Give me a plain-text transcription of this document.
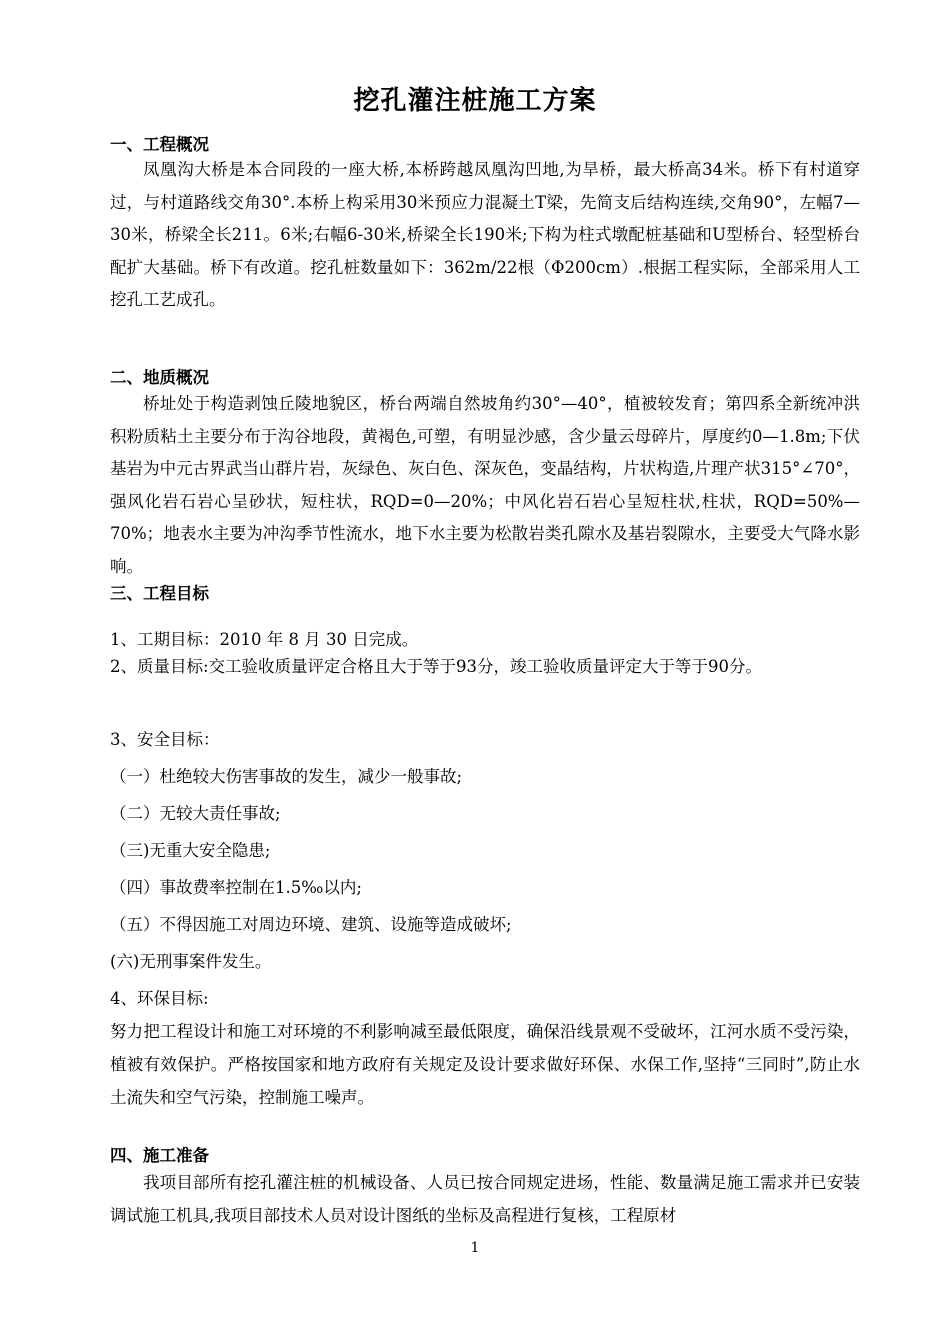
挖孔灌注桩施工方案
一、工程概况
凤凰沟大桥是本合同段的一座大桥,本桥跨越凤凰沟凹地,为旱桥，最大桥高34米。桥下有村道穿过，与村道路线交角30°.本桥上构采用30米预应力混凝土T梁，先简支后结构连续,交角90°，左幅7—30米，桥梁全长211。6米;右幅6-30米,桥梁全长190米;下构为柱式墩配桩基础和U型桥台、轻型桥台配扩大基础。桥下有改道。挖孔桩数量如下：362m/22根（Φ200cm）.根据工程实际，全部采用人工挖孔工艺成孔。
二、地质概况
桥址处于构造剥蚀丘陵地貌区，桥台两端自然坡角约30°—40°，植被较发育；第四系全新统冲洪积粉质粘土主要分布于沟谷地段，黄褐色,可塑，有明显沙感，含少量云母碎片，厚度约0—1.8m;下伏基岩为中元古界武当山群片岩，灰绿色、灰白色、深灰色，变晶结构，片状构造,片理产状315°∠70°，强风化岩石岩心呈砂状，短柱状，RQD=0—20%；中风化岩石岩心呈短柱状,柱状，RQD=50%—70%；地表水主要为冲沟季节性流水，地下水主要为松散岩类孔隙水及基岩裂隙水，主要受大气降水影响。
三、工程目标
1、工期目标：2010 年 8 月 30 日完成。
2、质量目标:交工验收质量评定合格且大于等于93分，竣工验收质量评定大于等于90分。
3、安全目标：
（一）杜绝较大伤害事故的发生，减少一般事故;
（二）无较大责任事故;
（三)无重大安全隐患;
（四）事故费率控制在1.5‰以内;
（五）不得因施工对周边环境、建筑、设施等造成破坏;
(六)无刑事案件发生。
4、环保目标:
努力把工程设计和施工对环境的不利影响减至最低限度，确保沿线景观不受破坏，江河水质不受污染，植被有效保护。严格按国家和地方政府有关规定及设计要求做好环保、水保工作,坚持“三同时”,防止水土流失和空气污染，控制施工噪声。
四、施工准备
我项目部所有挖孔灌注桩的机械设备、人员已按合同规定进场，性能、数量满足施工需求并已安装调试施工机具,我项目部技术人员对设计图纸的坐标及高程进行复核，工程原材
1
